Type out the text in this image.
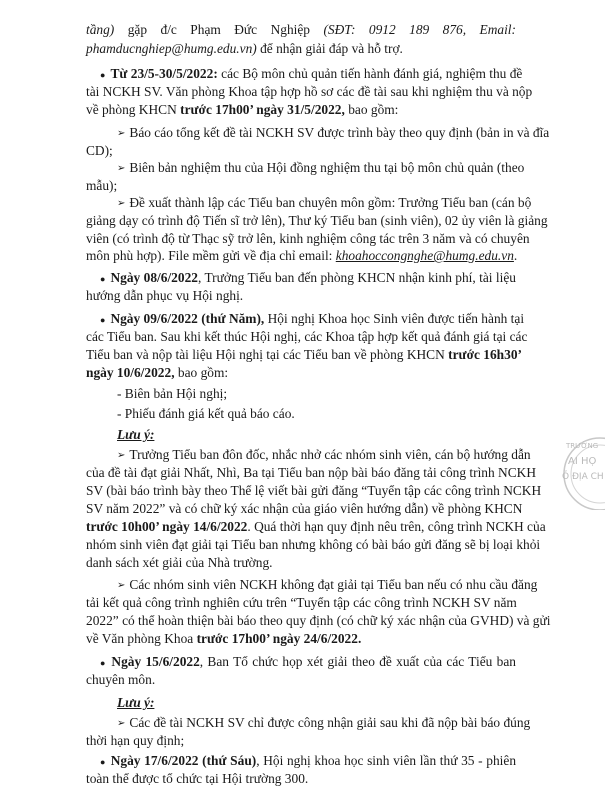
tầng) gặp đ/c Phạm Đức Nghiệp (SĐT: 0912 189 876, Email:
phamducnghiep@humg.edu.vn) để nhận giải đáp và hỗ trợ.
● Từ 23/5-30/5/2022: các Bộ môn chủ quản tiến hành đánh giá, nghiệm thu đề
tài NCKH SV. Văn phòng Khoa tập hợp hồ sơ các đề tài sau khi nghiệm thu và nộp
về phòng KHCN trước 17h00’ ngày 31/5/2022, bao gồm:
➢ Báo cáo tổng kết đề tài NCKH SV được trình bày theo quy định (bản in và đĩa
CD);
➢ Biên bản nghiệm thu của Hội đồng nghiệm thu tại bộ môn chủ quản (theo
mẫu);
➢ Đề xuất thành lập các Tiểu ban chuyên môn gồm: Trưởng Tiểu ban (cán bộ
giảng dạy có trình độ Tiến sĩ trở lên), Thư ký Tiểu ban (sinh viên), 02 ủy viên là giảng
viên (có trình độ từ Thạc sỹ trở lên, kinh nghiệm công tác trên 3 năm và có chuyên
môn phù hợp). File mềm gửi về địa chỉ email: khoahoccongnghe@humg.edu.vn.
● Ngày 08/6/2022, Trưởng Tiểu ban đến phòng KHCN nhận kinh phí, tài liệu
hướng dẫn phục vụ Hội nghị.
● Ngày 09/6/2022 (thứ Năm), Hội nghị Khoa học Sinh viên được tiến hành tại
các Tiểu ban. Sau khi kết thúc Hội nghị, các Khoa tập hợp kết quả đánh giá tại các
Tiểu ban và nộp tài liệu Hội nghị tại các Tiểu ban về phòng KHCN trước 16h30’
ngày 10/6/2022, bao gồm:
- Biên bản Hội nghị;
- Phiếu đánh giá kết quả báo cáo.
Lưu ý:
➢ Trưởng Tiểu ban đôn đốc, nhắc nhở các nhóm sinh viên, cán bộ hướng dẫn
của đề tài đạt giải Nhất, Nhì, Ba tại Tiểu ban nộp bài báo đăng tải công trình NCKH
SV (bài báo trình bày theo Thể lệ viết bài gửi đăng “Tuyển tập các công trình NCKH
SV năm 2022” và có chữ ký xác nhận của giáo viên hướng dẫn) về phòng KHCN
trước 10h00’ ngày 14/6/2022. Quá thời hạn quy định nêu trên, công trình NCKH của
nhóm sinh viên đạt giải tại Tiểu ban nhưng không có bài báo gửi đăng sẽ bị loại khỏi
danh sách xét giải của Nhà trường.
➢ Các nhóm sinh viên NCKH không đạt giải tại Tiểu ban nếu có nhu cầu đăng
tải kết quả công trình nghiên cứu trên “Tuyển tập các công trình NCKH SV năm
2022” có thể hoàn thiện bài báo theo quy định (có chữ ký xác nhận của GVHD) và gửi
về Văn phòng Khoa trước 17h00’ ngày 24/6/2022.
● Ngày 15/6/2022, Ban Tổ chức họp xét giải theo đề xuất của các Tiểu ban
chuyên môn.
Lưu ý:
➢ Các đề tài NCKH SV chỉ được công nhận giải sau khi đã nộp bài báo đúng
thời hạn quy định;
● Ngày 17/6/2022 (thứ Sáu), Hội nghị khoa học sinh viên lần thứ 35 - phiên
toàn thể được tổ chức tại Hội trường 300.
TRƯỜNG
AI HỌ
Ỏ ĐỊA CH
